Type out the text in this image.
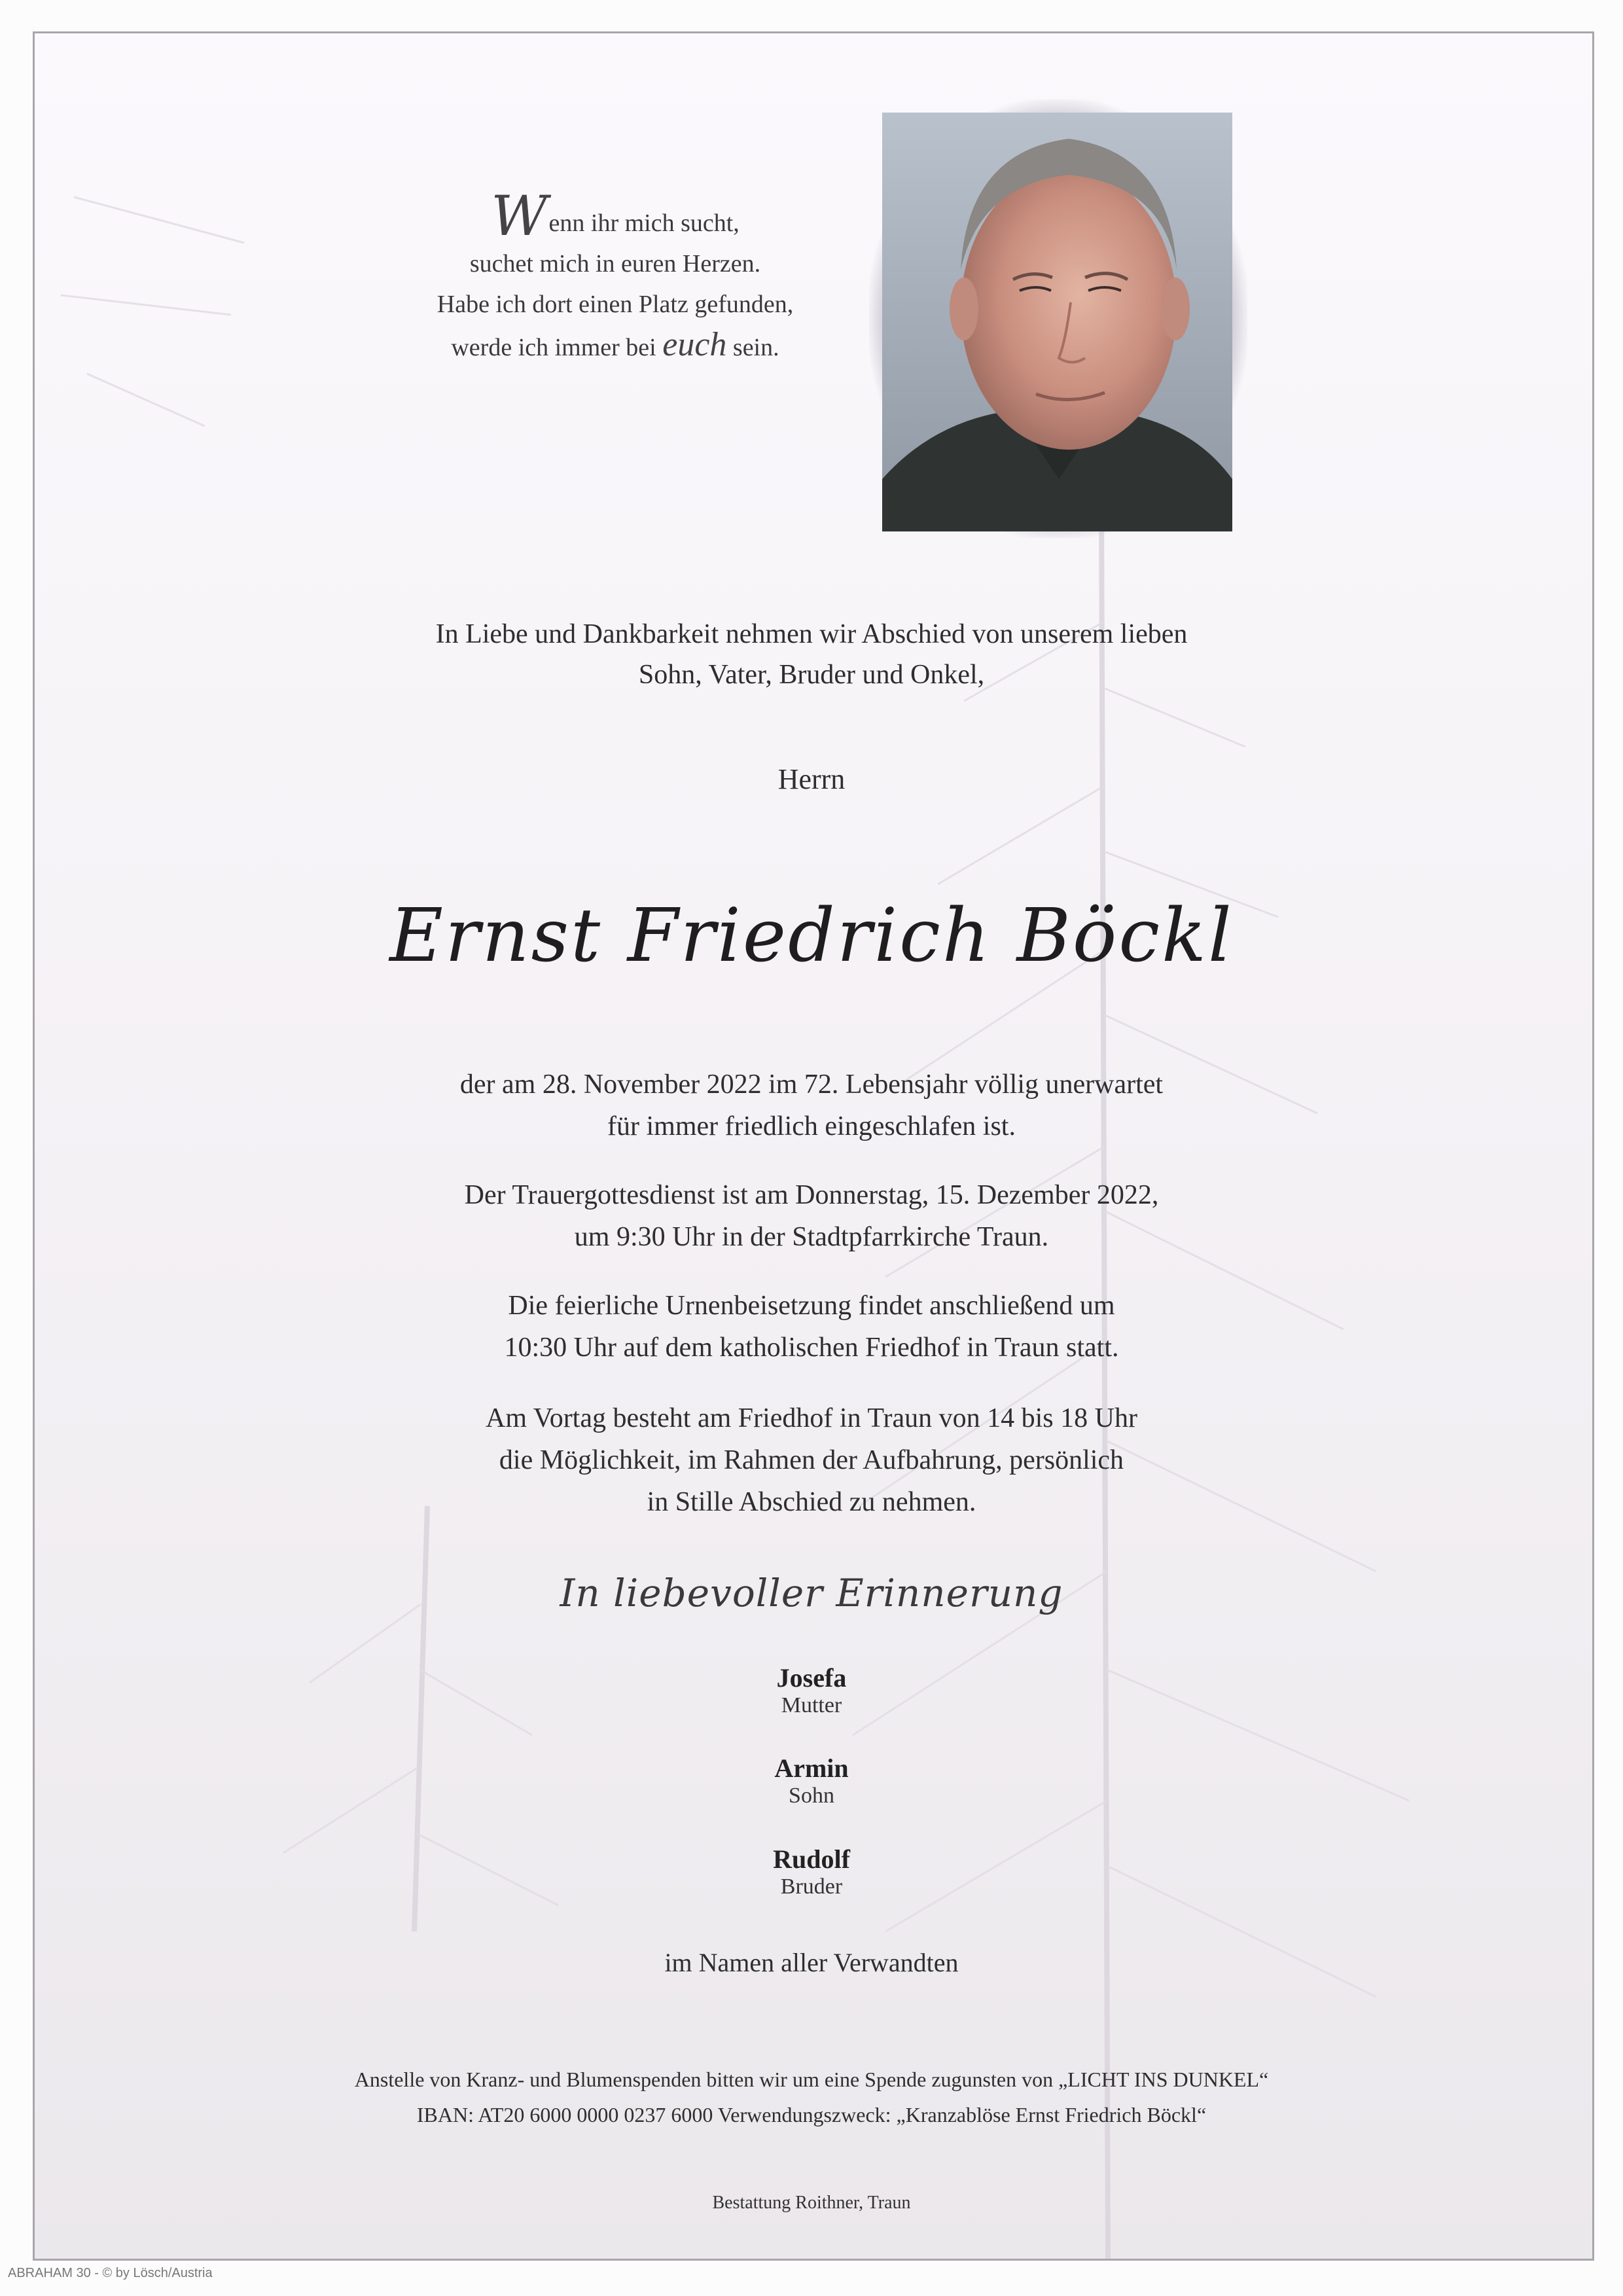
Wenn ihr mich sucht,
suchet mich in euren Herzen.
Habe ich dort einen Platz gefunden,
werde ich immer bei euch sein.
In Liebe und Dankbarkeit nehmen wir Abschied von unserem lieben
Sohn, Vater, Bruder und Onkel,
Herrn
Ernst Friedrich Böckl
der am 28. November 2022 im 72. Lebensjahr völlig unerwartet
für immer friedlich eingeschlafen ist.
Der Trauergottesdienst ist am Donnerstag, 15. Dezember 2022,
um 9:30 Uhr in der Stadtpfarrkirche Traun.
Die feierliche Urnenbeisetzung findet anschließend um
10:30 Uhr auf dem katholischen Friedhof in Traun statt.
Am Vortag besteht am Friedhof in Traun von 14 bis 18 Uhr
die Möglichkeit, im Rahmen der Aufbahrung, persönlich
in Stille Abschied zu nehmen.
In liebevoller Erinnerung
Josefa
Mutter
Armin
Sohn
Rudolf
Bruder
im Namen aller Verwandten
Anstelle von Kranz- und Blumenspenden bitten wir um eine Spende zugunsten von „LICHT INS DUNKEL“
IBAN: AT20 6000 0000 0237 6000 Verwendungszweck: „Kranzablöse Ernst Friedrich Böckl“
Bestattung Roithner, Traun
ABRAHAM 30 - © by Lösch/Austria
